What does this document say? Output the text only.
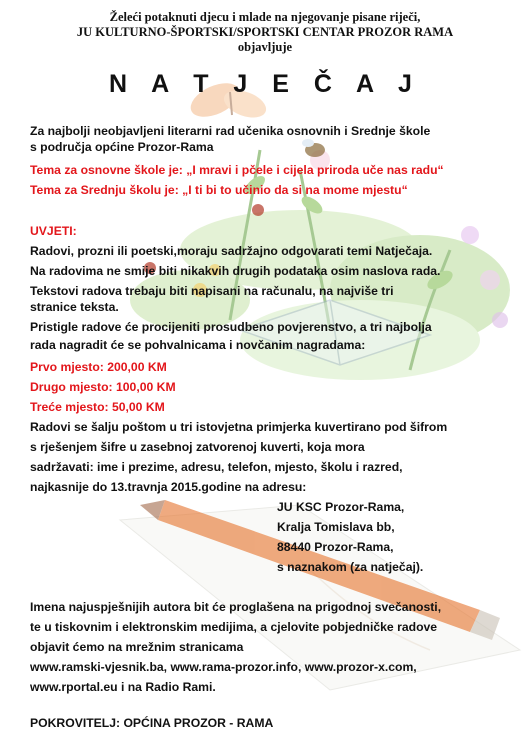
Želeći potaknuti djecu i mlade na njegovanje pisane riječi,
JU KULTURNO-ŠPORTSKI/SPORTSKI CENTAR PROZOR RAMA
objavljuje
N A T J E Č A J

Za najbolji neobjavljeni literarni rad učenika osnovnih i Srednje škole

s područja općine Prozor-Rama

Tema za osnovne škole je: „I mravi i pčele i cijela priroda uče nas radu“

Tema za Srednju školu je: „I ti bi to učinio da si na mome mjestu“

UVJETI:

Radovi, prozni ili poetski,moraju sadržajno odgovarati temi Natječaja.

Na radovima ne smije biti nikakvih drugih podataka osim naslova rada.

Tekstovi radova trebaju biti napisani na računalu, na najviše tri

stranice teksta.

Pristigle radove će procijeniti prosudbeno povjerenstvo, a tri najbolja

rada nagradit će se pohvalnicama i novčanim nagradama:

Prvo mjesto: 200,00 KM

Drugo mjesto: 100,00 KM

Treće mjesto: 50,00 KM

Radovi se šalju poštom u tri istovjetna primjerka kuvertirano pod šifrom

s rješenjem šifre u zasebnoj zatvorenoj kuverti, koja mora

sadržavati: ime i prezime, adresu, telefon, mjesto, školu i razred,

najkasnije do 13.travnja 2015.godine na adresu:

JU KSC Prozor-Rama,

Kralja Tomislava bb,

88440 Prozor-Rama,

s naznakom (za natječaj).

Imena najuspješnijih autora bit će proglašena na prigodnoj svečanosti,

te u tiskovnim i elektronskim medijima, a cjelovite pobjedničke radove

objavit ćemo na mrežnim stranicama

www.ramski-vjesnik.ba, www.rama-prozor.info, www.prozor-x.com,

www.rportal.eu i na Radio Rami.

POKROVITELJ: OPĆINA PROZOR - RAMA
